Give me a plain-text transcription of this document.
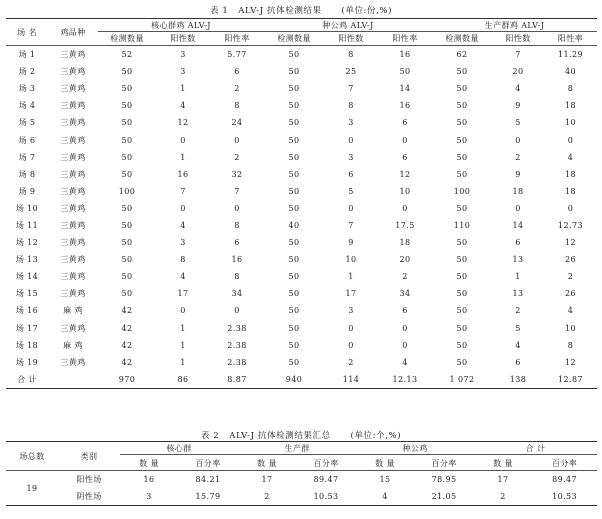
表 1   ALV-J 抗体检测结果      (单位:份,%)
场 名	鸡品种	核心群鸡 ALV-J			种公鸡 ALV-J			生产群鸡 ALV-J		

		检测数量	阳性数	阳性率	检测数量	阳性数	阳性率	检测数量	阳性数	阳性率
场 1	三黄鸡	52	3	5.77	50	8	16	62	7	11.29
场 2	三黄鸡	50	3	6	50	25	50	50	20	40
场 3	三黄鸡	50	1	2	50	7	14	50	4	8
场 4	三黄鸡	50	4	8	50	8	16	50	9	18
场 5	三黄鸡	50	12	24	50	3	6	50	5	10
场 6	三黄鸡	50	0	0	50	0	0	50	0	0
场 7	三黄鸡	50	1	2	50	3	6	50	2	4
场 8	三黄鸡	50	16	32	50	6	12	50	9	18
场 9	三黄鸡	100	7	7	50	5	10	100	18	18
场 10	三黄鸡	50	0	0	50	0	0	50	0	0
场 11	三黄鸡	50	4	8	40	7	17.5	110	14	12.73
场 12	三黄鸡	50	3	6	50	9	18	50	6	12
场 13	三黄鸡	50	8	16	50	10	20	50	13	26
场 14	三黄鸡	50	4	8	50	1	2	50	1	2
场 15	三黄鸡	50	17	34	50	17	34	50	13	26
场 16	麻 鸡	42	0	0	50	3	6	50	2	4
场 17	三黄鸡	42	1	2.38	50	0	0	50	5	10
场 18	麻 鸡	42	1	2.38	50	0	0	50	4	8
场 19	三黄鸡	42	1	2.38	50	2	4	50	6	12
合 计		970	86	8.87	940	114	12.13	1 072	138	12.87
表 2   ALV-J 抗体检测结果汇总      (单位:个,%)
场总数	类别	核心群		生产群		种公鸡		合 计	

		数 量	百分率	数 量	百分率	数 量	百分率	数 量	百分率
19	阳性场	16	84.21	17	89.47	15	78.95	17	89.47
	阴性场	3	15.79	2	10.53	4	21.05	2	10.53
